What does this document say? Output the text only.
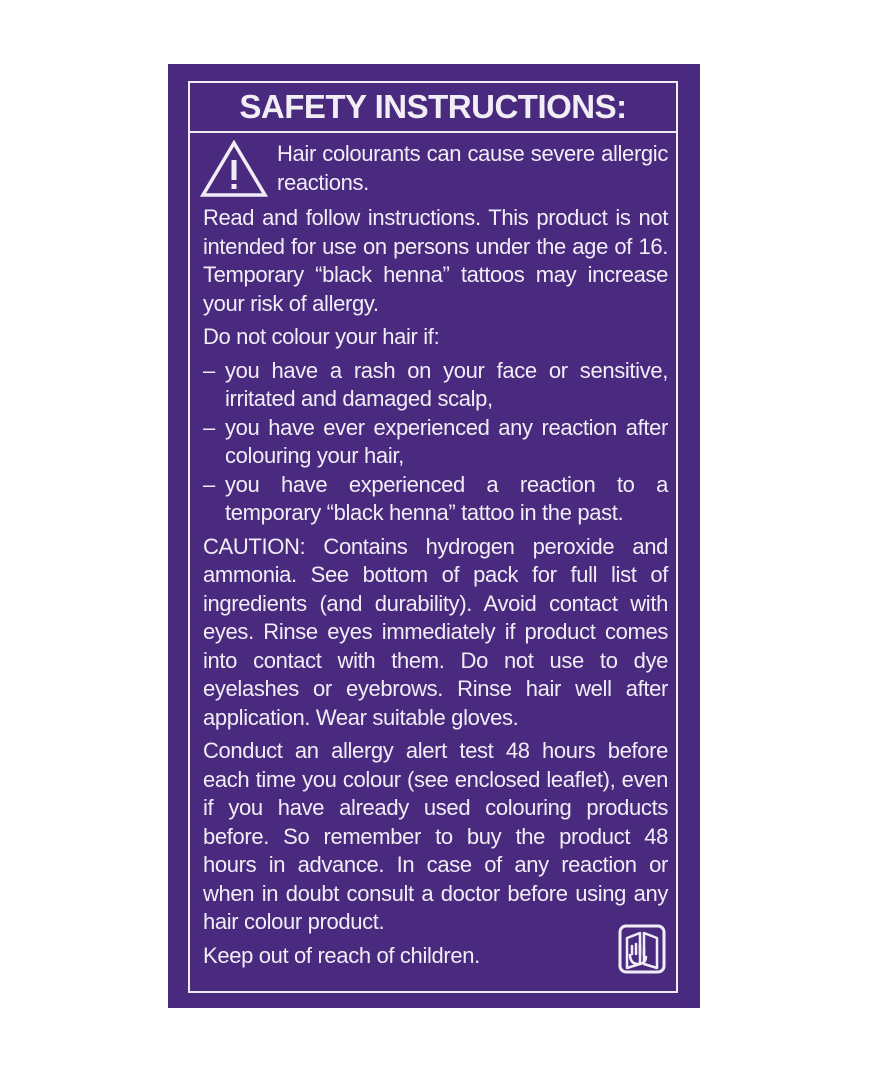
SAFETY INSTRUCTIONS:

Hair colourants can cause severe allergic reactions.

Read and follow instructions. This product is not intended for use on persons under the age of 16. Temporary “black henna” tattoos may increase your risk of allergy.

Do not colour your hair if:

– you have a rash on your face or sensitive, irritated and damaged scalp,
– you have ever experienced any reaction after colouring your hair,
– you have experienced a reaction to a temporary “black henna” tattoo in the past.

CAUTION: Contains hydrogen peroxide and ammonia. See bottom of pack for full list of ingredients (and durability). Avoid contact with eyes. Rinse eyes immediately if product comes into contact with them. Do not use to dye eyelashes or eyebrows. Rinse hair well after application. Wear suitable gloves.

Conduct an allergy alert test 48 hours before each time you colour (see enclosed leaflet), even if you have already used colouring products before. So remember to buy the product 48 hours in advance. In case of any reaction or when in doubt consult a doctor before using any hair colour product.

Keep out of reach of children.
